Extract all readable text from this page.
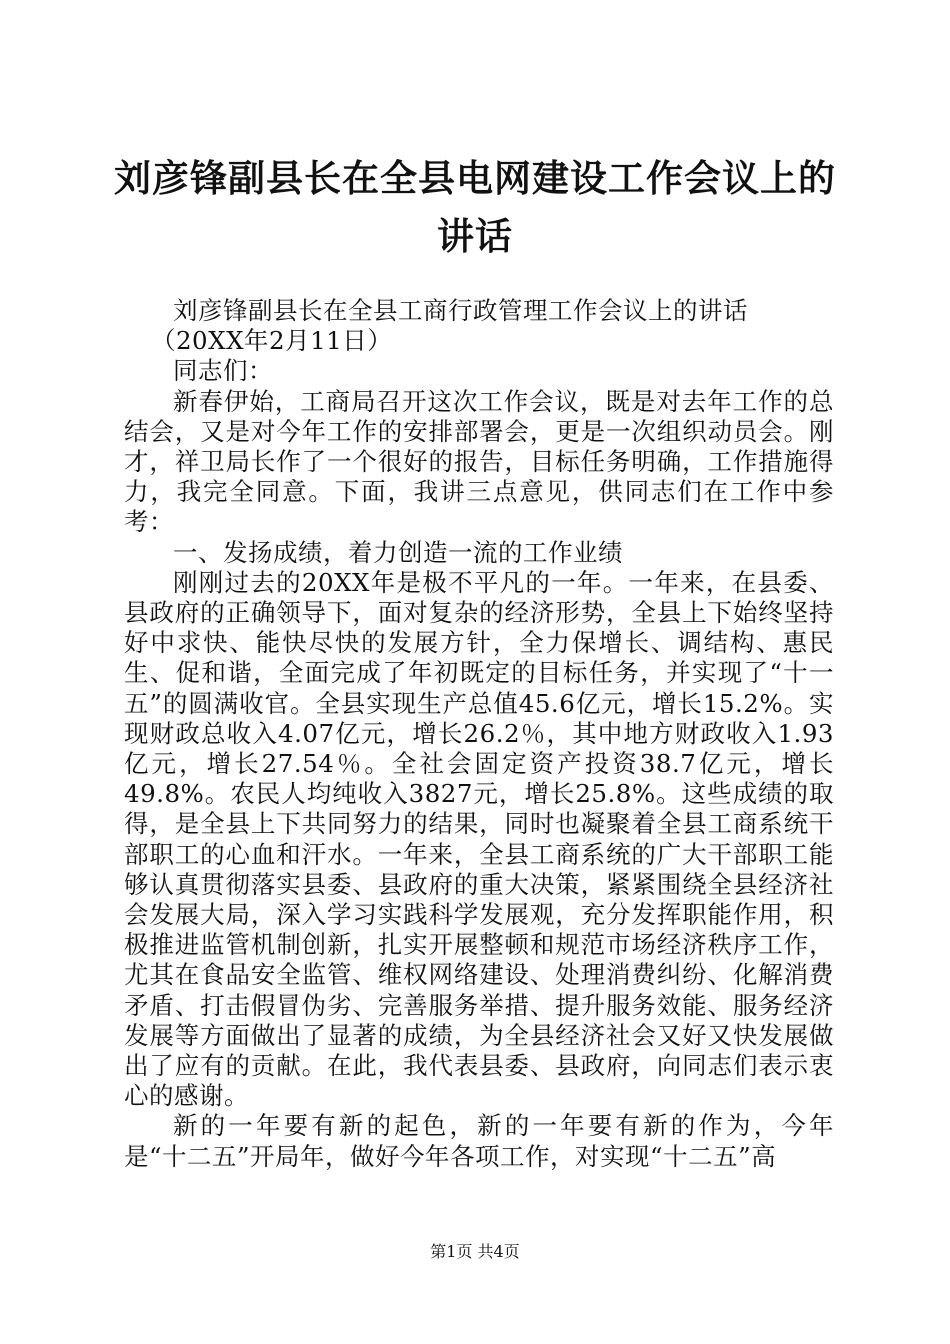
刘彦锋副县长在全县电网建设工作会议上的讲话

刘彦锋副县长在全县工商行政管理工作会议上的讲话

（20XX年2月11日）

同志们：

新春伊始，工商局召开这次工作会议，既是对去年工作的总结会，又是对今年工作的安排部署会，更是一次组织动员会。刚才，祥卫局长作了一个很好的报告，目标任务明确，工作措施得力，我完全同意。下面，我讲三点意见，供同志们在工作中参考：

一、发扬成绩，着力创造一流的工作业绩

刚刚过去的20XX年是极不平凡的一年。一年来，在县委、县政府的正确领导下，面对复杂的经济形势，全县上下始终坚持好中求快、能快尽快的发展方针，全力保增长、调结构、惠民生、促和谐，全面完成了年初既定的目标任务，并实现了“十一五”的圆满收官。全县实现生产总值45.6亿元，增长15.2%。实现财政总收入4.07亿元，增长26.2％，其中地方财政收入1.93亿元，增长27.54％。全社会固定资产投资38.7亿元，增长49.8%。农民人均纯收入3827元，增长25.8%。这些成绩的取得，是全县上下共同努力的结果，同时也凝聚着全县工商系统干部职工的心血和汗水。一年来，全县工商系统的广大干部职工能够认真贯彻落实县委、县政府的重大决策，紧紧围绕全县经济社会发展大局，深入学习实践科学发展观，充分发挥职能作用，积极推进监管机制创新，扎实开展整顿和规范市场经济秩序工作，尤其在食品安全监管、维权网络建设、处理消费纠纷、化解消费矛盾、打击假冒伪劣、完善服务举措、提升服务效能、服务经济发展等方面做出了显著的成绩，为全县经济社会又好又快发展做出了应有的贡献。在此，我代表县委、县政府，向同志们表示衷心的感谢。

新的一年要有新的起色，新的一年要有新的作为，今年是“十二五”开局年，做好今年各项工作，对实现“十二五”高

第1页 共4页
